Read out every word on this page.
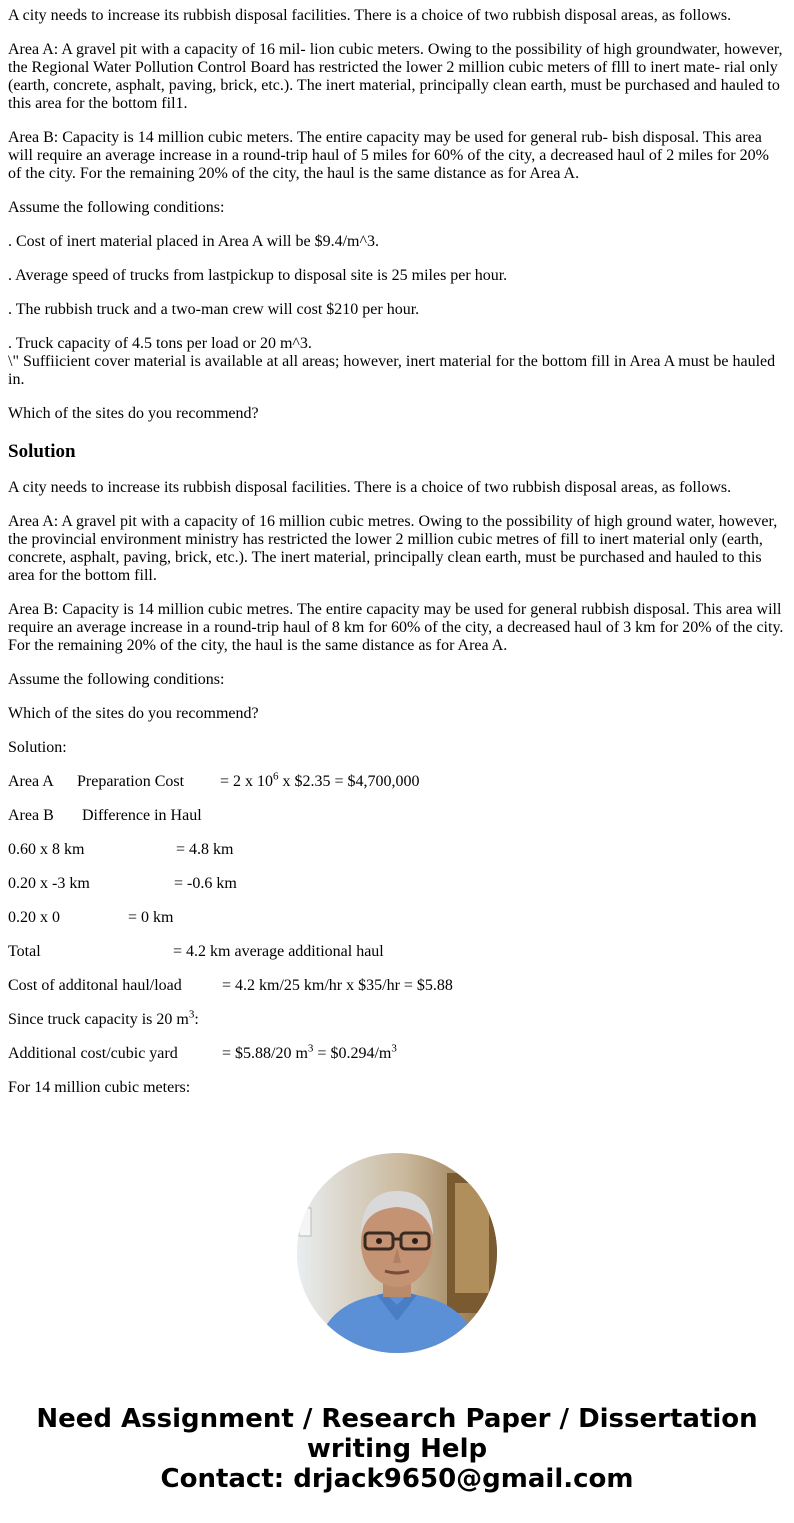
A city needs to increase its rubbish disposal facilities. There is a choice of two rubbish disposal areas, as follows.

Area A: A gravel pit with a capacity of 16 mil- lion cubic meters. Owing to the possibility of high groundwater, however, the Regional Water Pollution Control Board has restricted the lower 2 million cubic meters of flll to inert mate- rial only (earth, concrete, asphalt, paving, brick, etc.). The inert material, principally clean earth, must be purchased and hauled to this area for the bottom fil1.

Area B: Capacity is 14 million cubic meters. The entire capacity may be used for general rub- bish disposal. This area will require an average increase in a round-trip haul of 5 miles for 60% of the city, a decreased haul of 2 miles for 20% of the city. For the remaining 20% of the city, the haul is the same distance as for Area A.

Assume the following conditions:

. Cost of inert material placed in Area A will be $9.4/m^3.

. Average speed of trucks from lastpickup to disposal site is 25 miles per hour.

. The rubbish truck and a two-man crew will cost $210 per hour.

. Truck capacity of 4.5 tons per load or 20 m^3.

\" Suffiicient cover material is available at all areas; however, inert material for the bottom fill in Area A must be hauled in.

Which of the sites do you recommend?

Solution

A city needs to increase its rubbish disposal facilities. There is a choice of two rubbish disposal areas, as follows.

Area A: A gravel pit with a capacity of 16 million cubic metres. Owing to the possibility of high ground water, however, the provincial environment ministry has restricted the lower 2 million cubic metres of fill to inert material only (earth, concrete, asphalt, paving, brick, etc.). The inert material, principally clean earth, must be purchased and hauled to this area for the bottom fill.

Area B: Capacity is 14 million cubic metres. The entire capacity may be used for general rubbish disposal. This area will require an average increase in a round-trip haul of 8 km for 60% of the city, a decreased haul of 3 km for 20% of the city. For the remaining 20% of the city, the haul is the same distance as for Area A.

Assume the following conditions:

Which of the sites do you recommend?

Solution:

Area A Preparation Cost = 2 x $10^6$ x $2.35 = $4,700,000
Area B Difference in Haul
0.60 x 8 km	= 4.8 km
0.20 x -3 km	= -0.6 km
0.20 x 0	= 0 km
Total	= 4.2 km average additional haul
Cost of additonal haul/load	= 4.2 km/25 km/hr x $35/hr = $5.88
Since truck capacity is 20 $m^3$:
Additional cost/cubic yard	= $5.88/20 $m^3$ = $\$0.294/m^3$

For 14 million cubic meters:

Need Assignment / Research Paper / Dissertation
writing Help
Contact: drjack9650@gmail.com
